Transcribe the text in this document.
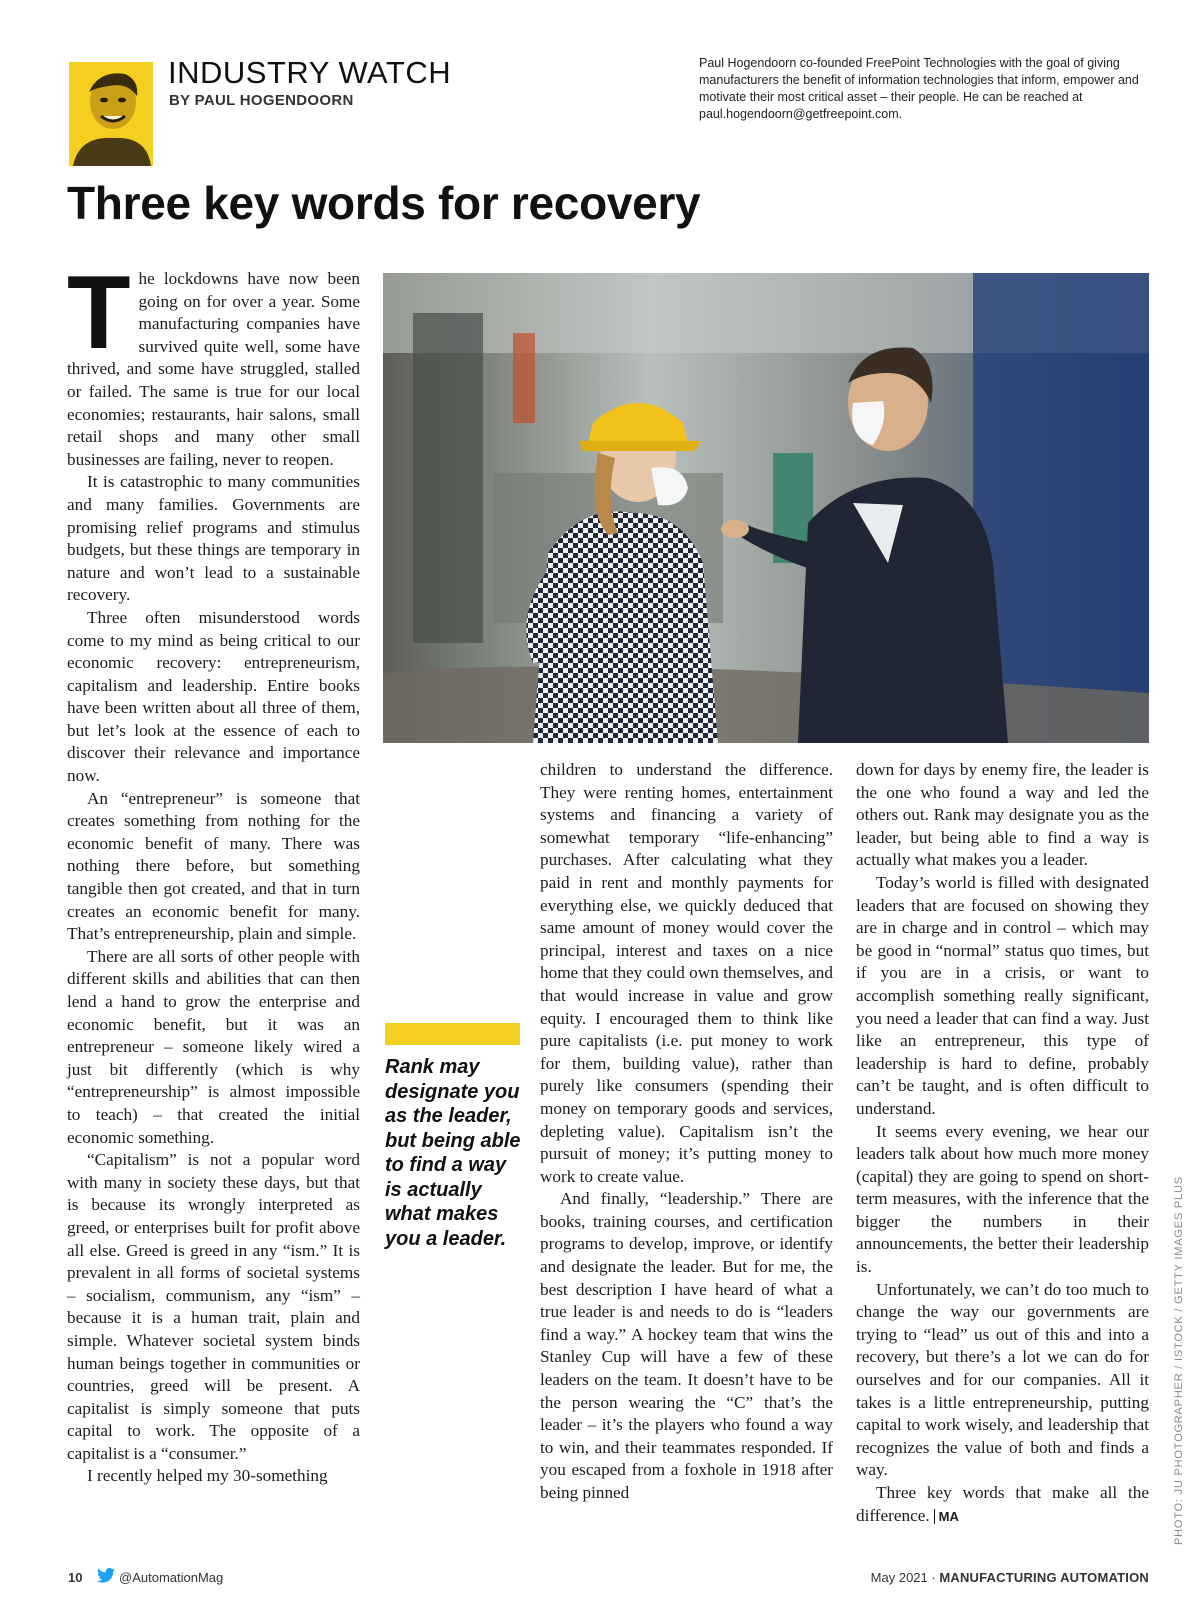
INDUSTRY WATCH
BY PAUL HOGENDOORN
Paul Hogendoorn co-founded FreePoint Technologies with the goal of giving manufacturers the benefit of information technologies that inform, empower and motivate their most critical asset – their people. He can be reached at paul.hogendoorn@getfreepoint.com.
Three key words for recovery

The lockdowns have now been going on for over a year. Some manufacturing companies have survived quite well, some have thrived, and some have struggled, stalled or failed. The same is true for our local economies; restaurants, hair salons, small retail shops and many other small businesses are failing, never to reopen.

It is catastrophic to many communities and many families. Governments are promising relief programs and stimulus budgets, but these things are temporary in nature and won’t lead to a sustainable recovery.

Three often misunderstood words come to my mind as being critical to our economic recovery: entrepreneurism, capitalism and leadership. Entire books have been written about all three of them, but let’s look at the essence of each to discover their relevance and importance now.

An “entrepreneur” is someone that creates something from nothing for the economic benefit of many. There was nothing there before, but something tangible then got created, and that in turn creates an economic benefit for many. That’s entrepreneurship, plain and simple.

There are all sorts of other people with different skills and abilities that can then lend a hand to grow the enterprise and economic benefit, but it was an entrepreneur – someone likely wired a just bit differently (which is why “entrepreneurship” is almost impossible to teach) – that created the initial economic something.

“Capitalism” is not a popular word with many in society these days, but that is because its wrongly interpreted as greed, or enterprises built for profit above all else. Greed is greed in any “ism.” It is prevalent in all forms of societal systems – socialism, communism, any “ism” – because it is a human trait, plain and simple. Whatever societal system binds human beings together in communities or countries, greed will be present. A capitalist is simply someone that puts capital to work. The opposite of a capitalist is a “consumer.”

I recently helped my 30-something

Rank may designate you as the leader, but being able to find a way is actually what makes you a leader.

children to understand the difference. They were renting homes, entertainment systems and financing a variety of somewhat temporary “life-enhancing” purchases. After calculating what they paid in rent and monthly payments for everything else, we quickly deduced that same amount of money would cover the principal, interest and taxes on a nice home that they could own themselves, and that would increase in value and grow equity. I encouraged them to think like pure capitalists (i.e. put money to work for them, building value), rather than purely like consumers (spending their money on temporary goods and services, depleting value). Capitalism isn’t the pursuit of money; it’s putting money to work to create value.

And finally, “leadership.” There are books, training courses, and certification programs to develop, improve, or identify and designate the leader. But for me, the best description I have heard of what a true leader is and needs to do is “leaders find a way.” A hockey team that wins the Stanley Cup will have a few of these leaders on the team. It doesn’t have to be the person wearing the “C” that’s the leader – it’s the players who found a way to win, and their teammates responded. If you escaped from a foxhole in 1918 after being pinned

down for days by enemy fire, the leader is the one who found a way and led the others out. Rank may designate you as the leader, but being able to find a way is actually what makes you a leader.

Today’s world is filled with designated leaders that are focused on showing they are in charge and in control – which may be good in “normal” status quo times, but if you are in a crisis, or want to accomplish something really significant, you need a leader that can find a way. Just like an entrepreneur, this type of leadership is hard to define, probably can’t be taught, and is often difficult to understand.

It seems every evening, we hear our leaders talk about how much more money (capital) they are going to spend on short-term measures, with the inference that the bigger the numbers in their announcements, the better their leadership is.

Unfortunately, we can’t do too much to change the way our governments are trying to “lead” us out of this and into a recovery, but there’s a lot we can do for ourselves and for our companies. All it takes is a little entrepreneurship, putting capital to work wisely, and leadership that recognizes the value of both and finds a way.

Three key words that make all the difference. MA	PHOTO: JU PHOTOGRAPHER / ISTOCK / GETTY IMAGES PLUS
10	@AutomationMag	May 2021 · MANUFACTURING AUTOMATION
